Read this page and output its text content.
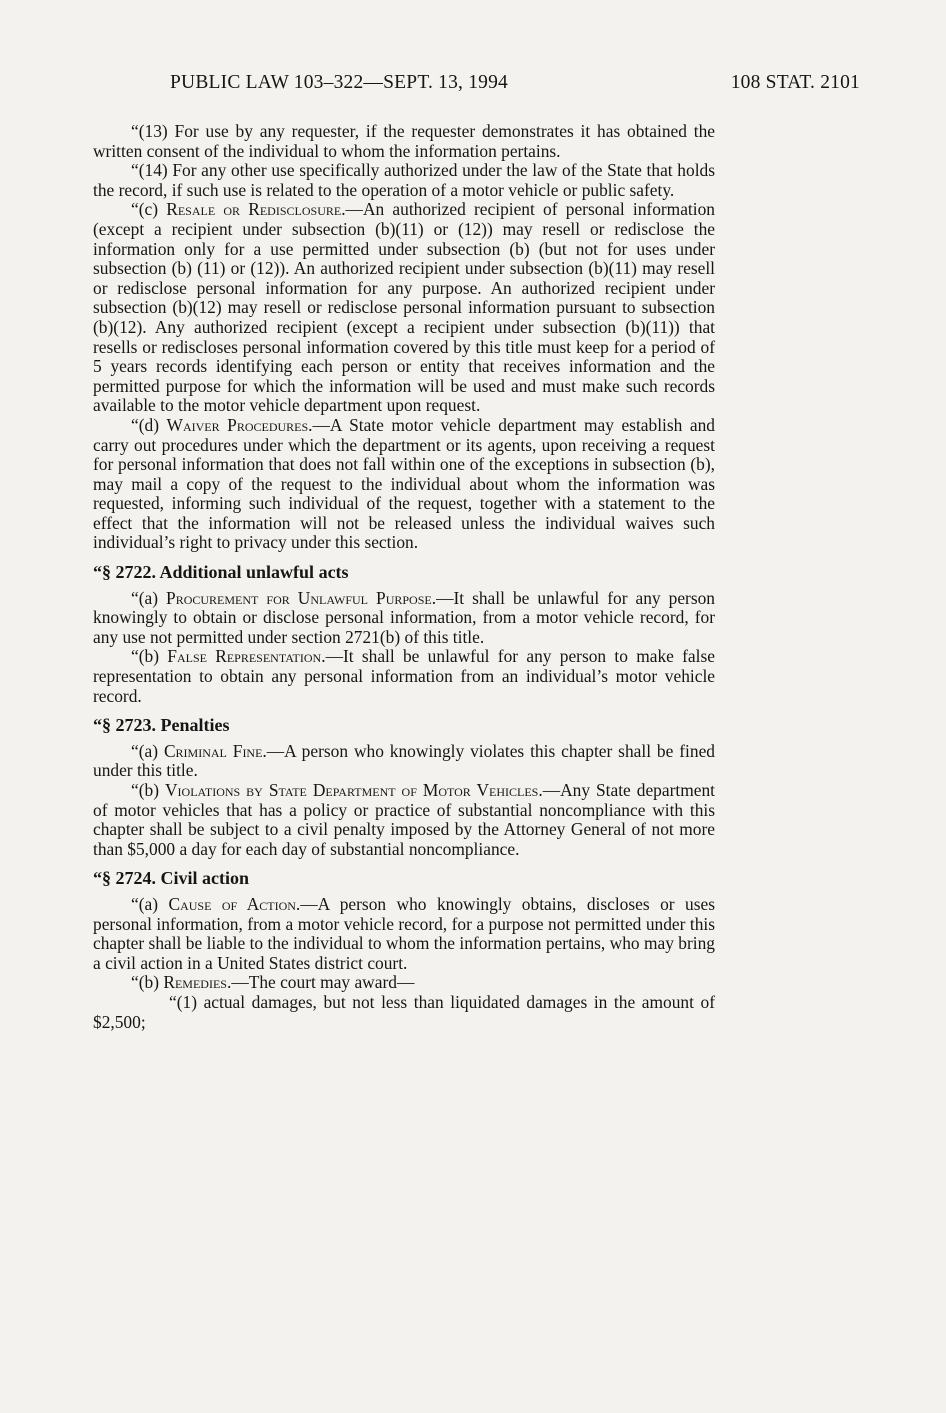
PUBLIC LAW 103–322—SEPT. 13, 1994	108 STAT. 2101

“(13) For use by any requester, if the requester demonstrates it has obtained the written consent of the individual to whom the information pertains.

“(14) For any other use specifically authorized under the law of the State that holds the record, if such use is related to the operation of a motor vehicle or public safety.

“(c) Resale or Redisclosure.—An authorized recipient of personal information (except a recipient under subsection (b)(11) or (12)) may resell or redisclose the information only for a use permitted under subsection (b) (but not for uses under subsection (b) (11) or (12)). An authorized recipient under subsection (b)(11) may resell or redisclose personal information for any purpose. An authorized recipient under subsection (b)(12) may resell or redisclose personal information pursuant to subsection (b)(12). Any authorized recipient (except a recipient under subsection (b)(11)) that resells or rediscloses personal information covered by this title must keep for a period of 5 years records identifying each person or entity that receives information and the permitted purpose for which the information will be used and must make such records available to the motor vehicle department upon request.

“(d) Waiver Procedures.—A State motor vehicle department may establish and carry out procedures under which the department or its agents, upon receiving a request for personal information that does not fall within one of the exceptions in subsection (b), may mail a copy of the request to the individual about whom the information was requested, informing such individual of the request, together with a statement to the effect that the information will not be released unless the individual waives such individual’s right to privacy under this section.

“§ 2722. Additional unlawful acts

“(a) Procurement for Unlawful Purpose.—It shall be unlawful for any person knowingly to obtain or disclose personal information, from a motor vehicle record, for any use not permitted under section 2721(b) of this title.

“(b) False Representation.—It shall be unlawful for any person to make false representation to obtain any personal information from an individual’s motor vehicle record.

“§ 2723. Penalties

“(a) Criminal Fine.—A person who knowingly violates this chapter shall be fined under this title.

“(b) Violations by State Department of Motor Vehicles.—Any State department of motor vehicles that has a policy or practice of substantial noncompliance with this chapter shall be subject to a civil penalty imposed by the Attorney General of not more than $5,000 a day for each day of substantial noncompliance.

“§ 2724. Civil action

“(a) Cause of Action.—A person who knowingly obtains, discloses or uses personal information, from a motor vehicle record, for a purpose not permitted under this chapter shall be liable to the individual to whom the information pertains, who may bring a civil action in a United States district court.

“(b) Remedies.—The court may award—

“(1) actual damages, but not less than liquidated damages in the amount of $2,500;
